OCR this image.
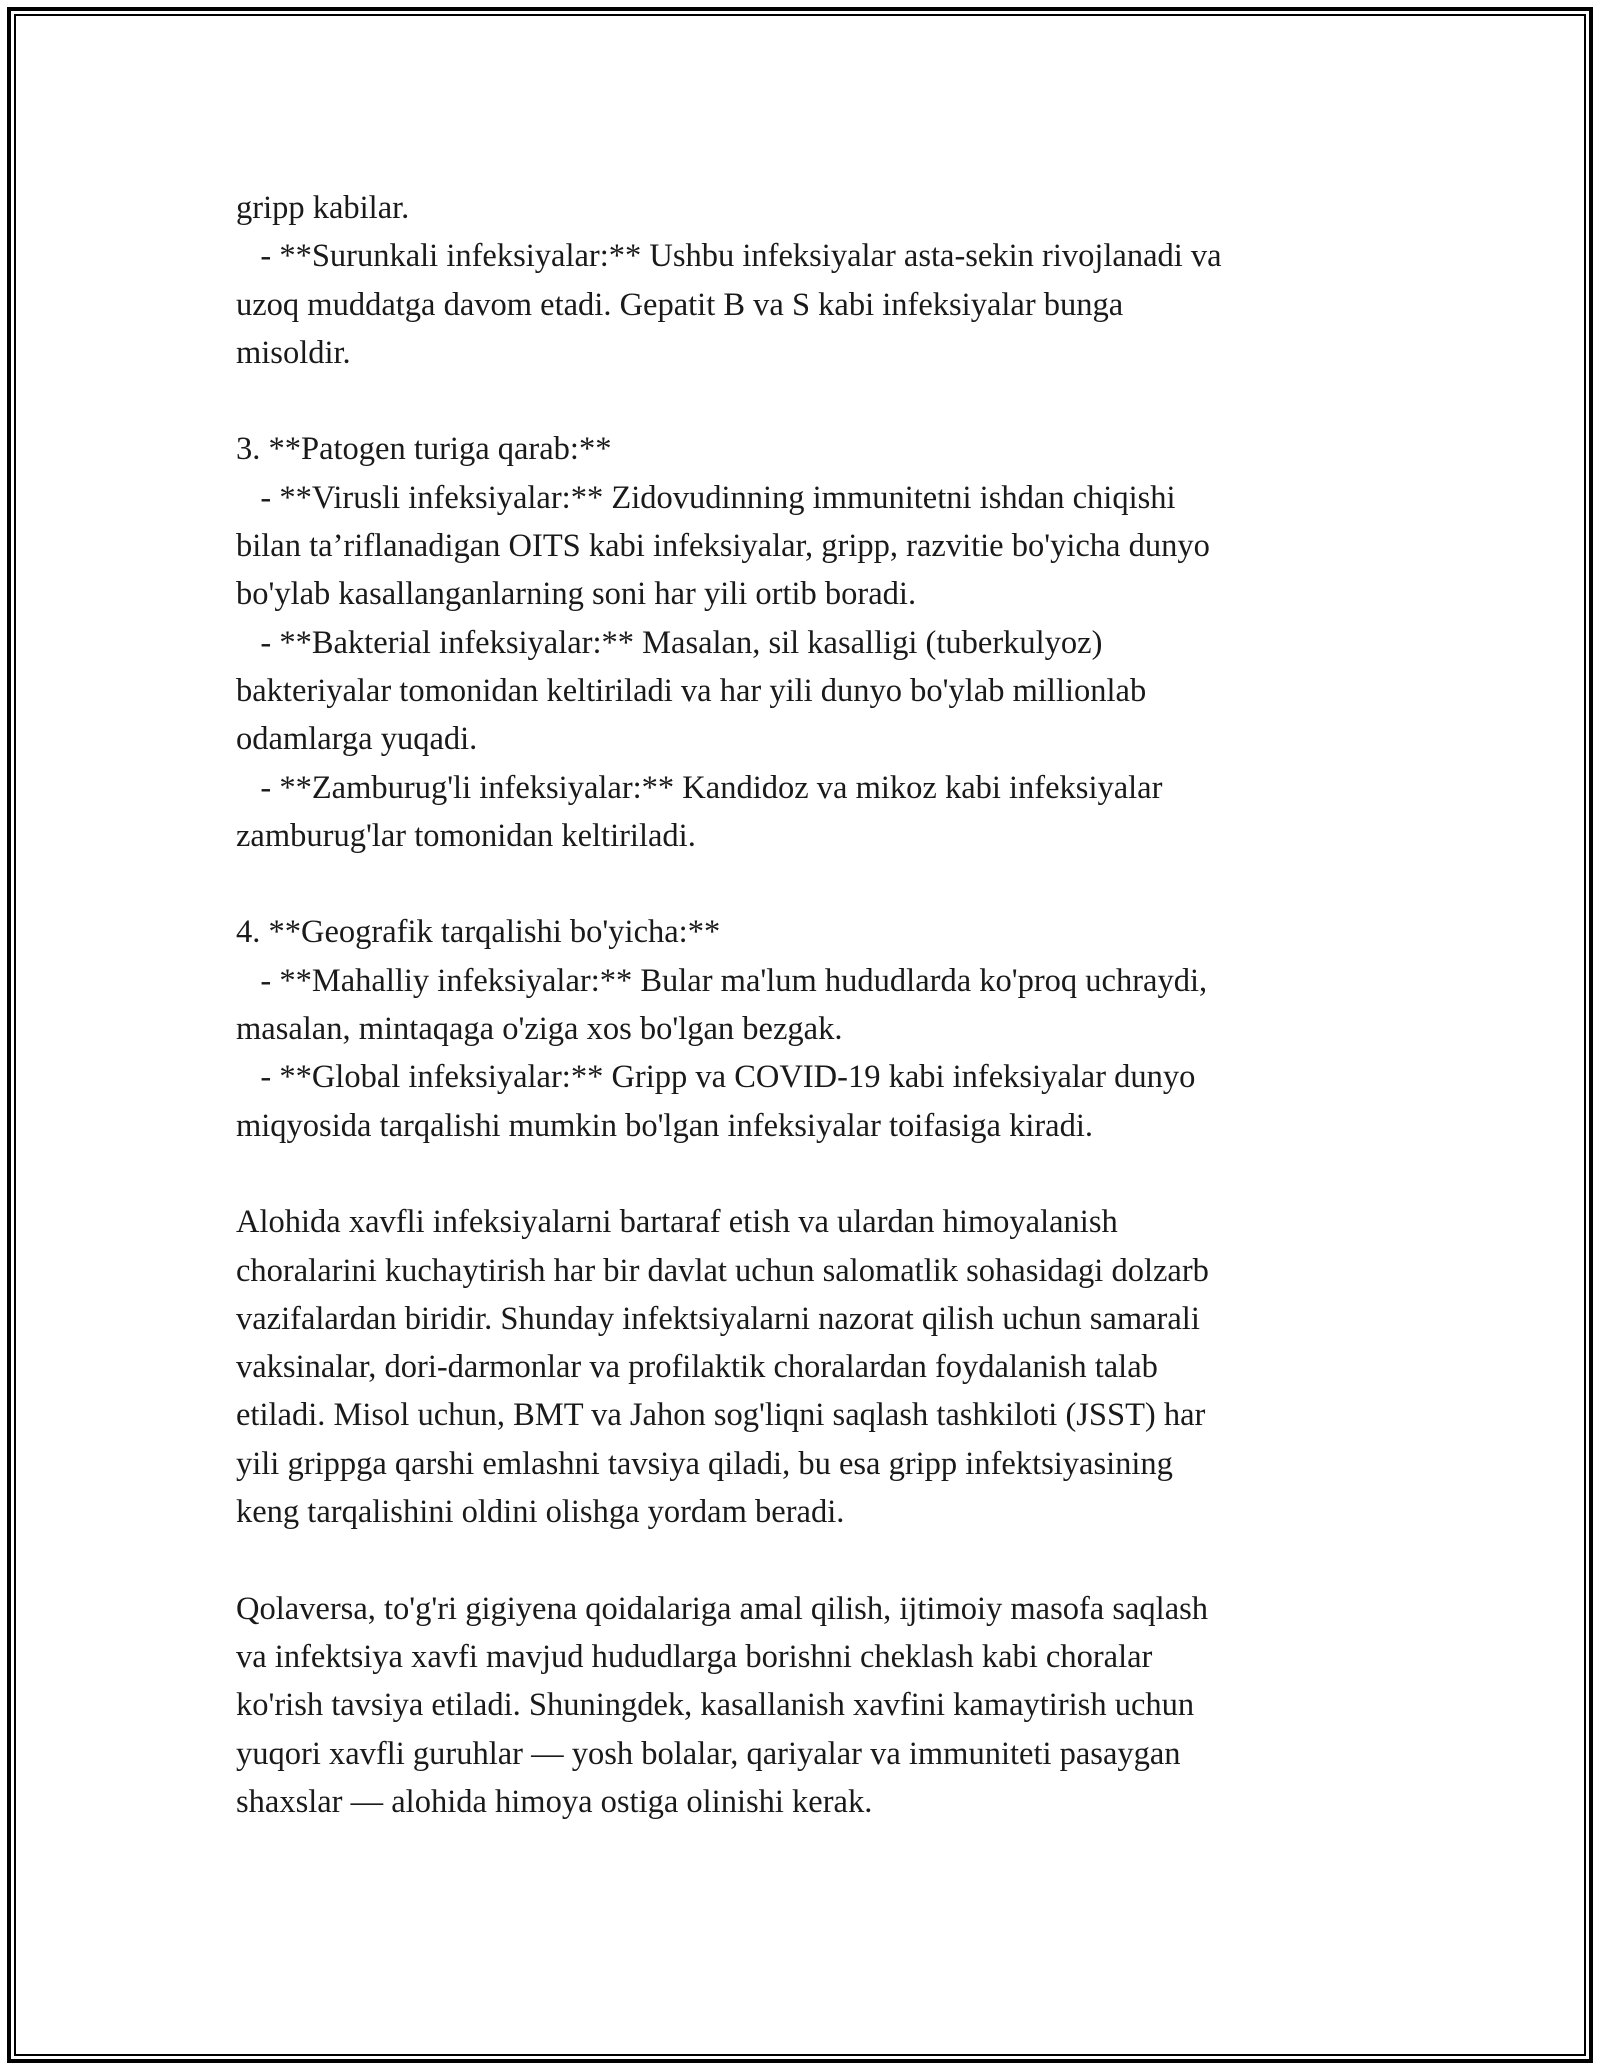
gripp kabilar.

- **Surunkali infeksiyalar:** Ushbu infeksiyalar asta-sekin rivojlanadi va

uzoq muddatga davom etadi. Gepatit B va S kabi infeksiyalar bunga

misoldir.

3. **Patogen turiga qarab:**

- **Virusli infeksiyalar:** Zidovudinning immunitetni ishdan chiqishi

bilan ta’riflanadigan OITS kabi infeksiyalar, gripp, razvitie bo'yicha dunyo

bo'ylab kasallanganlarning soni har yili ortib boradi.

- **Bakterial infeksiyalar:** Masalan, sil kasalligi (tuberkulyoz)

bakteriyalar tomonidan keltiriladi va har yili dunyo bo'ylab millionlab

odamlarga yuqadi.

- **Zamburug'li infeksiyalar:** Kandidoz va mikoz kabi infeksiyalar

zamburug'lar tomonidan keltiriladi.

4. **Geografik tarqalishi bo'yicha:**

- **Mahalliy infeksiyalar:** Bular ma'lum hududlarda ko'proq uchraydi,

masalan, mintaqaga o'ziga xos bo'lgan bezgak.

- **Global infeksiyalar:** Gripp va COVID-19 kabi infeksiyalar dunyo

miqyosida tarqalishi mumkin bo'lgan infeksiyalar toifasiga kiradi.

Alohida xavfli infeksiyalarni bartaraf etish va ulardan himoyalanish

choralarini kuchaytirish har bir davlat uchun salomatlik sohasidagi dolzarb

vazifalardan biridir. Shunday infektsiyalarni nazorat qilish uchun samarali

vaksinalar, dori-darmonlar va profilaktik choralardan foydalanish talab

etiladi. Misol uchun, BMT va Jahon sog'liqni saqlash tashkiloti (JSST) har

yili grippga qarshi emlashni tavsiya qiladi, bu esa gripp infektsiyasining

keng tarqalishini oldini olishga yordam beradi.

Qolaversa, to'g'ri gigiyena qoidalariga amal qilish, ijtimoiy masofa saqlash

va infektsiya xavfi mavjud hududlarga borishni cheklash kabi choralar

ko'rish tavsiya etiladi. Shuningdek, kasallanish xavfini kamaytirish uchun

yuqori xavfli guruhlar — yosh bolalar, qariyalar va immuniteti pasaygan

shaxslar — alohida himoya ostiga olinishi kerak.
